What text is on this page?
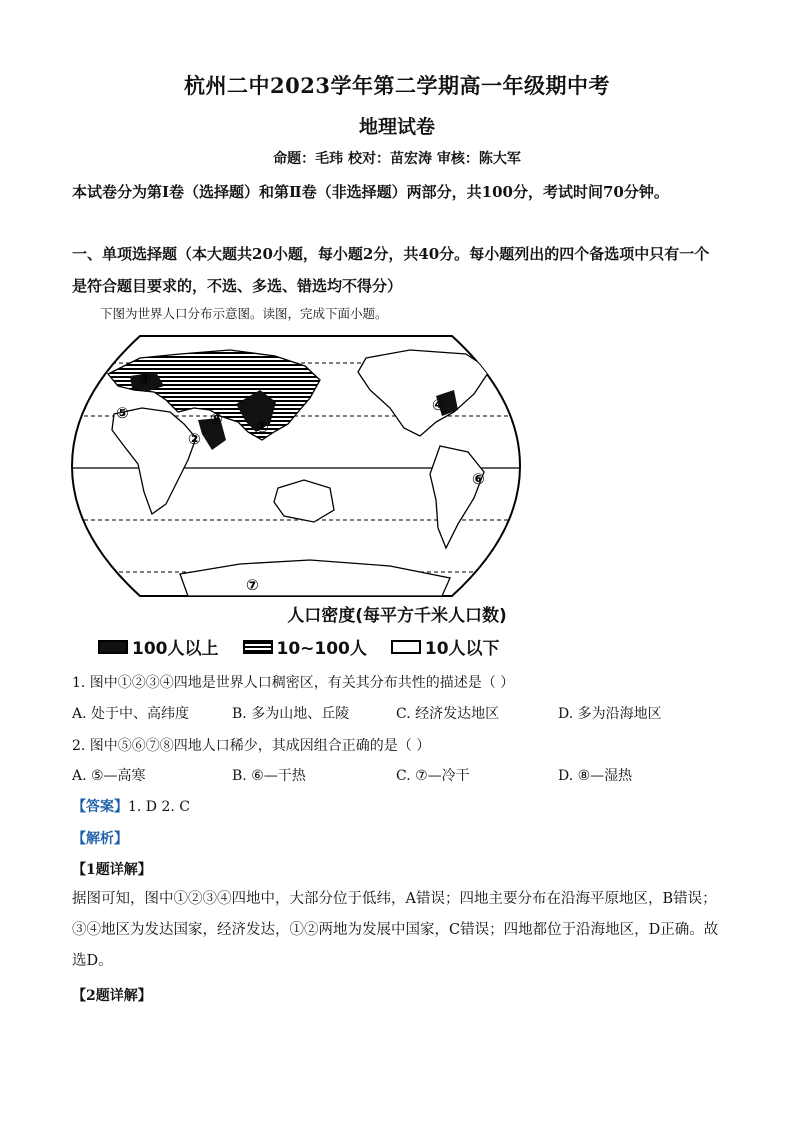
杭州二中2023学年第二学期高一年级期中考
地理试卷
命题：毛玮 校对：苗宏涛 审核：陈大军
本试卷分为第Ⅰ卷（选择题）和第Ⅱ卷（非选择题）两部分，共100分，考试时间70分钟。
一、单项选择题（本大题共20小题，每小题2分，共40分。每小题列出的四个备选项中只有一个是符合题目要求的，不选、多选、错选均不得分）
下图为世界人口分布示意图。读图，完成下面小题。
①
②
③
④
⑤
⑥
⑦
⑧
人口密度(每平方千米人口数)
100人以上	10~100人	10人以下
1. 图中①②③④四地是世界人口稠密区，有关其分布共性的描述是（ ）
A. 处于中、高纬度	B. 多为山地、丘陵	C. 经济发达地区	D. 多为沿海地区
2. 图中⑤⑥⑦⑧四地人口稀少，其成因组合正确的是（ ）
A. ⑤—高寒	B. ⑥—干热	C. ⑦—冷干	D. ⑧—湿热
【答案】1. D 2. C
【解析】
【1题详解】
据图可知，图中①②③④四地中，大部分位于低纬，A错误；四地主要分布在沿海平原地区，B错误；③④地区为发达国家，经济发达，①②两地为发展中国家，C错误；四地都位于沿海地区，D正确。故选D。
【2题详解】
